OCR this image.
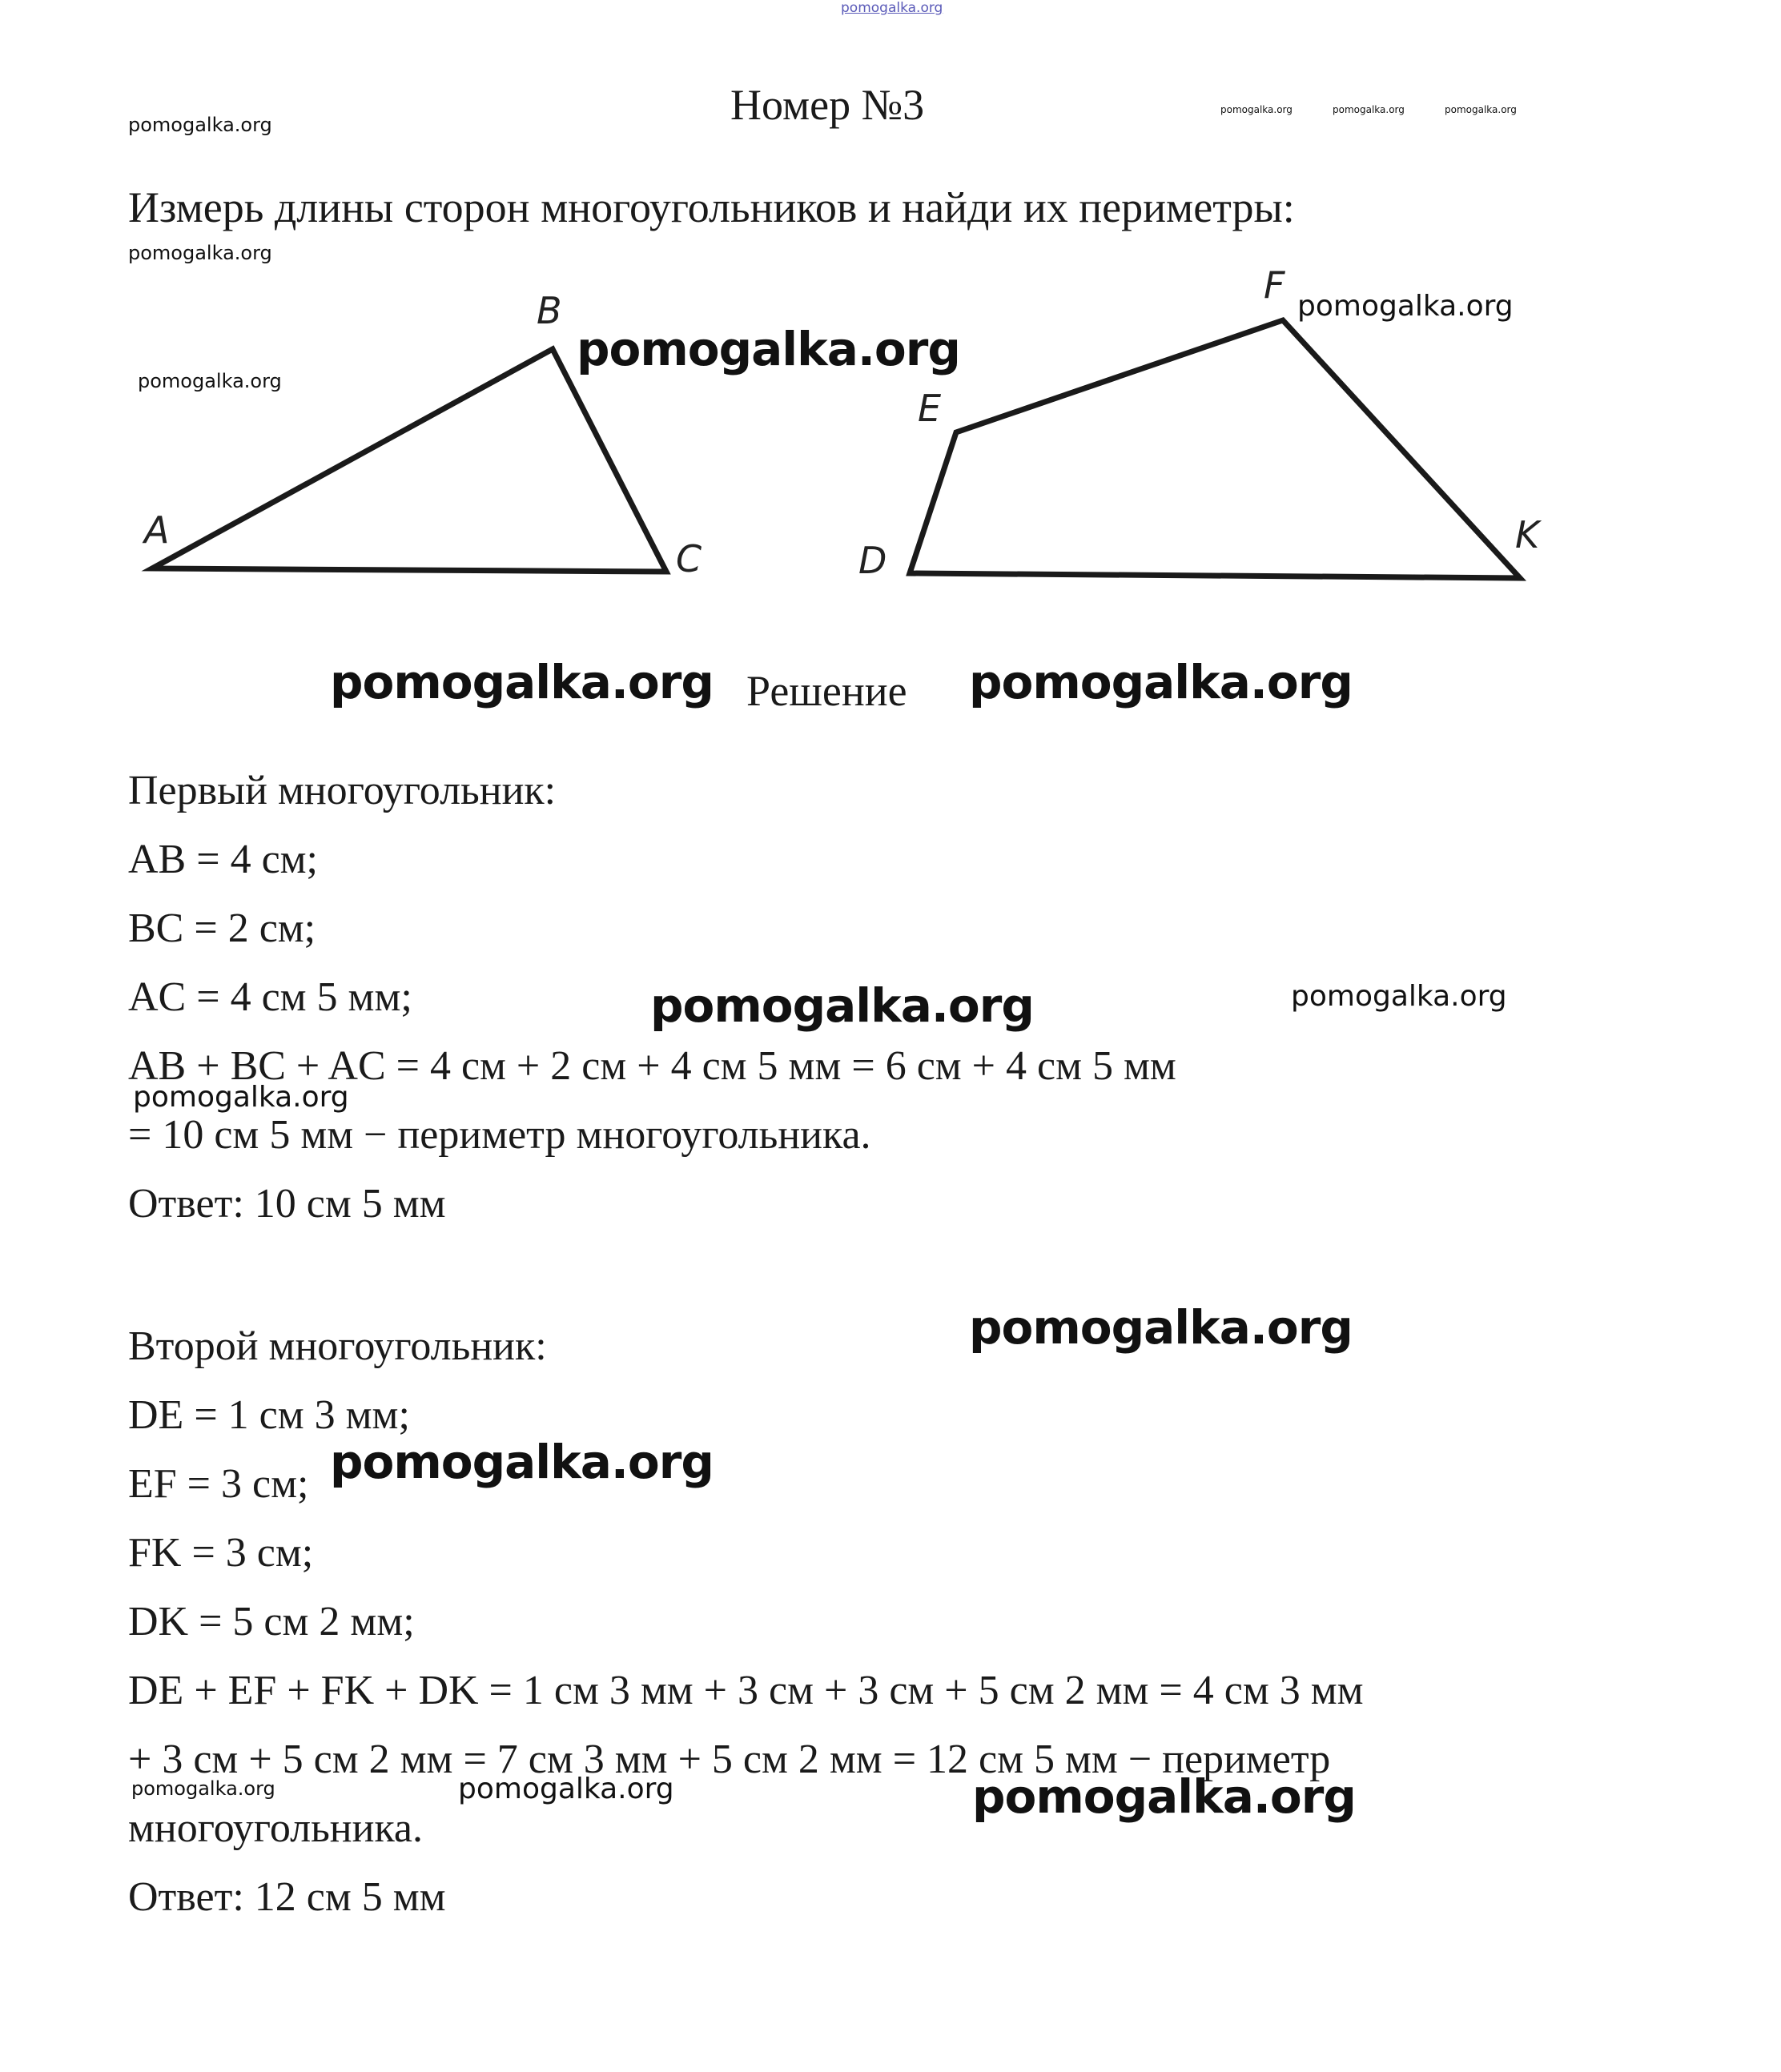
pomogalka.org
pomogalka.org
pomogalka.org	pomogalka.org	pomogalka.org
pomogalka.org
pomogalka.org
pomogalka.org
Номер №3
Измерь длины сторон многоугольников и найди их периметры:
A
B
C	D
E
F
K
pomogalka.org
pomogalka.org Решение pomogalka.org
Первый многоугольник:
AB = 4 см;
BC = 2 см;
AC = 4 см 5 мм;	pomogalka.org	pomogalka.org
AB + BC + AC = 4 см + 2 см + 4 см 5 мм = 6 см + 4 см 5 мм
pomogalka.org
= 10 см 5 мм − периметр многоугольника.
Ответ: 10 см 5 мм
pomogalka.org
Второй многоугольник:
DE = 1 см 3 мм;
EF = 3 см; pomogalka.org
FK = 3 см;
DK = 5 см 2 мм;
DE + EF + FK + DK = 1 см 3 мм + 3 см + 3 см + 5 см 2 мм = 4 см 3 мм
+ 3 см + 5 см 2 мм = 7 см 3 мм + 5 см 2 мм = 12 см 5 мм − периметр
pomogalka.org	pomogalka.org	pomogalka.org
многоугольника.
Ответ: 12 см 5 мм
